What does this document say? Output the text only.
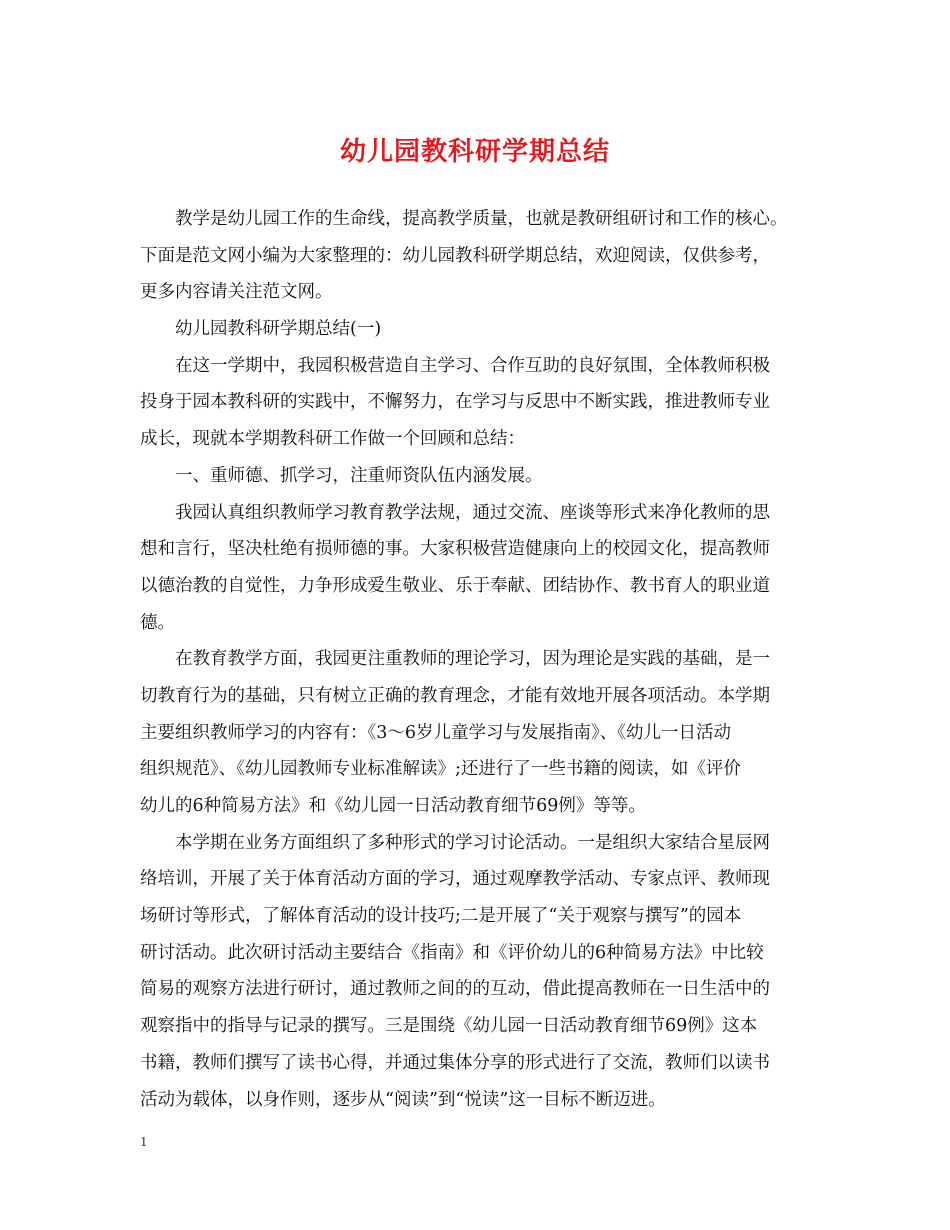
幼儿园教科研学期总结
教学是幼儿园工作的生命线，提高教学质量，也就是教研组研讨和工作的核心。
下面是范文网小编为大家整理的：幼儿园教科研学期总结，欢迎阅读，仅供参考，
更多内容请关注范文网。
幼儿园教科研学期总结(一)
在这一学期中，我园积极营造自主学习、合作互助的良好氛围，全体教师积极
投身于园本教科研的实践中，不懈努力，在学习与反思中不断实践，推进教师专业
成长，现就本学期教科研工作做一个回顾和总结：
一、重师德、抓学习，注重师资队伍内涵发展。
我园认真组织教师学习教育教学法规，通过交流、座谈等形式来净化教师的思
想和言行，坚决杜绝有损师德的事。大家积极营造健康向上的校园文化，提高教师
以德治教的自觉性，力争形成爱生敬业、乐于奉献、团结协作、教书育人的职业道
德。
在教育教学方面，我园更注重教师的理论学习，因为理论是实践的基础，是一
切教育行为的基础，只有树立正确的教育理念，才能有效地开展各项活动。本学期
主要组织教师学习的内容有：《3～6岁儿童学习与发展指南》、《幼儿一日活动
组织规范》、《幼儿园教师专业标准解读》;还进行了一些书籍的阅读，如《评价
幼儿的6种简易方法》和《幼儿园一日活动教育细节69例》等等。
本学期在业务方面组织了多种形式的学习讨论活动。一是组织大家结合星辰网
络培训，开展了关于体育活动方面的学习，通过观摩教学活动、专家点评、教师现
场研讨等形式，了解体育活动的设计技巧;二是开展了“关于观察与撰写”的园本
研讨活动。此次研讨活动主要结合《指南》和《评价幼儿的6种简易方法》中比较
简易的观察方法进行研讨，通过教师之间的的互动，借此提高教师在一日生活中的
观察指中的指导与记录的撰写。三是围绕《幼儿园一日活动教育细节69例》这本
书籍，教师们撰写了读书心得，并通过集体分享的形式进行了交流，教师们以读书
活动为载体，以身作则，逐步从“阅读”到“悦读”这一目标不断迈进。
1
